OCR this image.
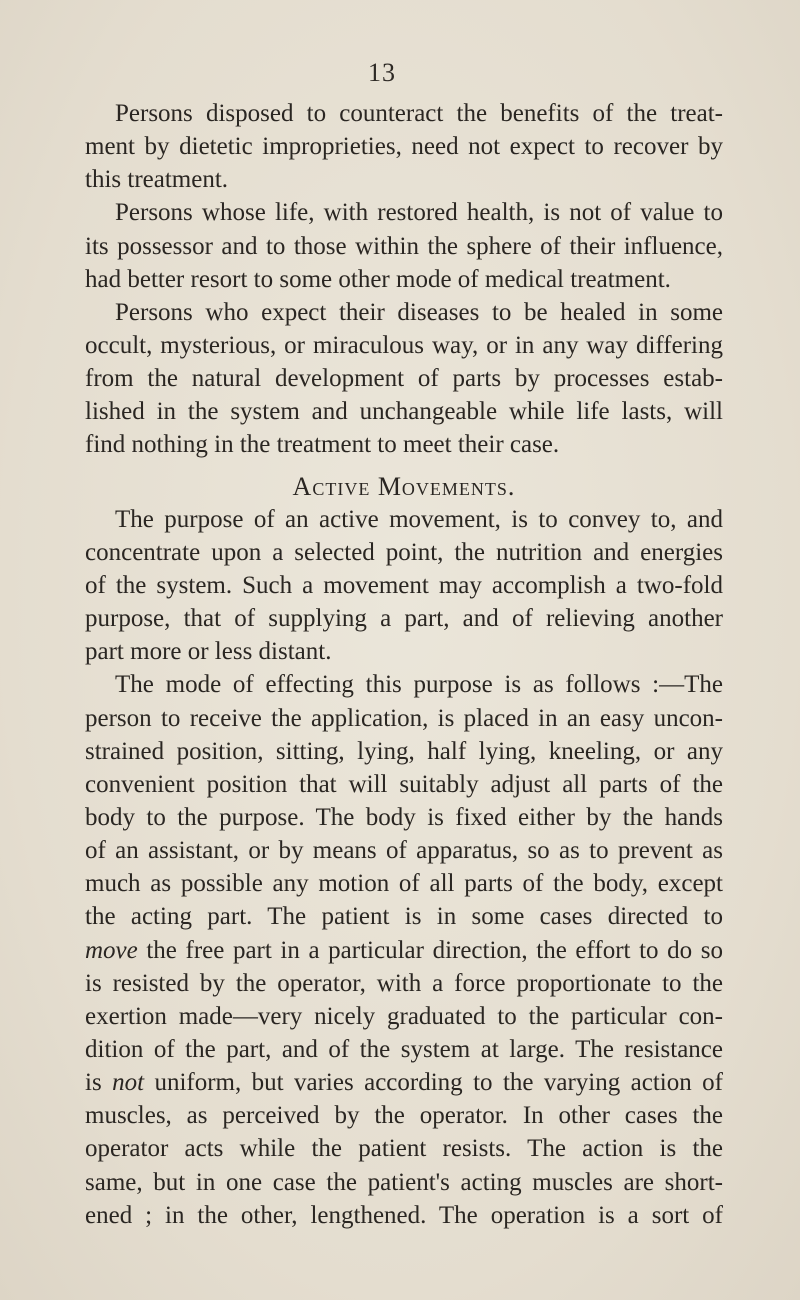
13
Persons disposed to counteract the benefits of the treat-
ment by dietetic improprieties, need not expect to recover by
this treatment.
Persons whose life, with restored health, is not of value to
its possessor and to those within the sphere of their influence,
had better resort to some other mode of medical treatment.
Persons who expect their diseases to be healed in some
occult, mysterious, or miraculous way, or in any way differing
from the natural development of parts by processes estab-
lished in the system and unchangeable while life lasts, will
find nothing in the treatment to meet their case.
Active Movements.
The purpose of an active movement, is to convey to, and
concentrate upon a selected point, the nutrition and energies
of the system. Such a movement may accomplish a two-fold
purpose, that of supplying a part, and of relieving another
part more or less distant.
The mode of effecting this purpose is as follows :—The
person to receive the application, is placed in an easy uncon-
strained position, sitting, lying, half lying, kneeling, or any
convenient position that will suitably adjust all parts of the
body to the purpose. The body is fixed either by the hands
of an assistant, or by means of apparatus, so as to prevent as
much as possible any motion of all parts of the body, except
the acting part. The patient is in some cases directed to
move the free part in a particular direction, the effort to do so
is resisted by the operator, with a force proportionate to the
exertion made—very nicely graduated to the particular con-
dition of the part, and of the system at large. The resistance
is not uniform, but varies according to the varying action of
muscles, as perceived by the operator. In other cases the
operator acts while the patient resists. The action is the
same, but in one case the patient's acting muscles are short-
ened ; in the other, lengthened. The operation is a sort of
